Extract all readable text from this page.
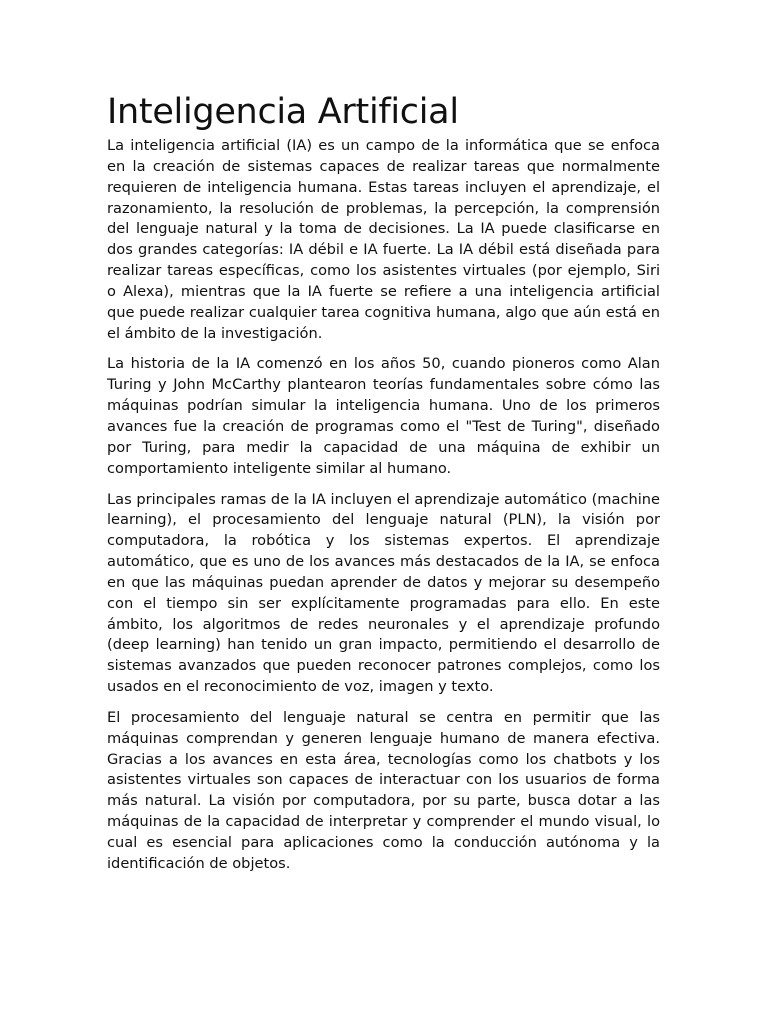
Inteligencia Artificial

La inteligencia artificial (IA) es un campo de la informática que se enfoca en la creación de sistemas capaces de realizar tareas que normalmente requieren de inteligencia humana. Estas tareas incluyen el aprendizaje, el razonamiento, la resolución de problemas, la percepción, la comprensión del lenguaje natural y la toma de decisiones. La IA puede clasificarse en dos grandes categorías: IA débil e IA fuerte. La IA débil está diseñada para realizar tareas específicas, como los asistentes virtuales (por ejemplo, Siri o Alexa), mientras que la IA fuerte se refiere a una inteligencia artificial que puede realizar cualquier tarea cognitiva humana, algo que aún está en el ámbito de la investigación.

La historia de la IA comenzó en los años 50, cuando pioneros como Alan Turing y John McCarthy plantearon teorías fundamentales sobre cómo las máquinas podrían simular la inteligencia humana. Uno de los primeros avances fue la creación de programas como el "Test de Turing", diseñado por Turing, para medir la capacidad de una máquina de exhibir un comportamiento inteligente similar al humano.

Las principales ramas de la IA incluyen el aprendizaje automático (machine learning), el procesamiento del lenguaje natural (PLN), la visión por computadora, la robótica y los sistemas expertos. El aprendizaje automático, que es uno de los avances más destacados de la IA, se enfoca en que las máquinas puedan aprender de datos y mejorar su desempeño con el tiempo sin ser explícitamente programadas para ello. En este ámbito, los algoritmos de redes neuronales y el aprendizaje profundo (deep learning) han tenido un gran impacto, permitiendo el desarrollo de sistemas avanzados que pueden reconocer patrones complejos, como los usados en el reconocimiento de voz, imagen y texto.

El procesamiento del lenguaje natural se centra en permitir que las máquinas comprendan y generen lenguaje humano de manera efectiva. Gracias a los avances en esta área, tecnologías como los chatbots y los asistentes virtuales son capaces de interactuar con los usuarios de forma más natural. La visión por computadora, por su parte, busca dotar a las máquinas de la capacidad de interpretar y comprender el mundo visual, lo cual es esencial para aplicaciones como la conducción autónoma y la identificación de objetos.
